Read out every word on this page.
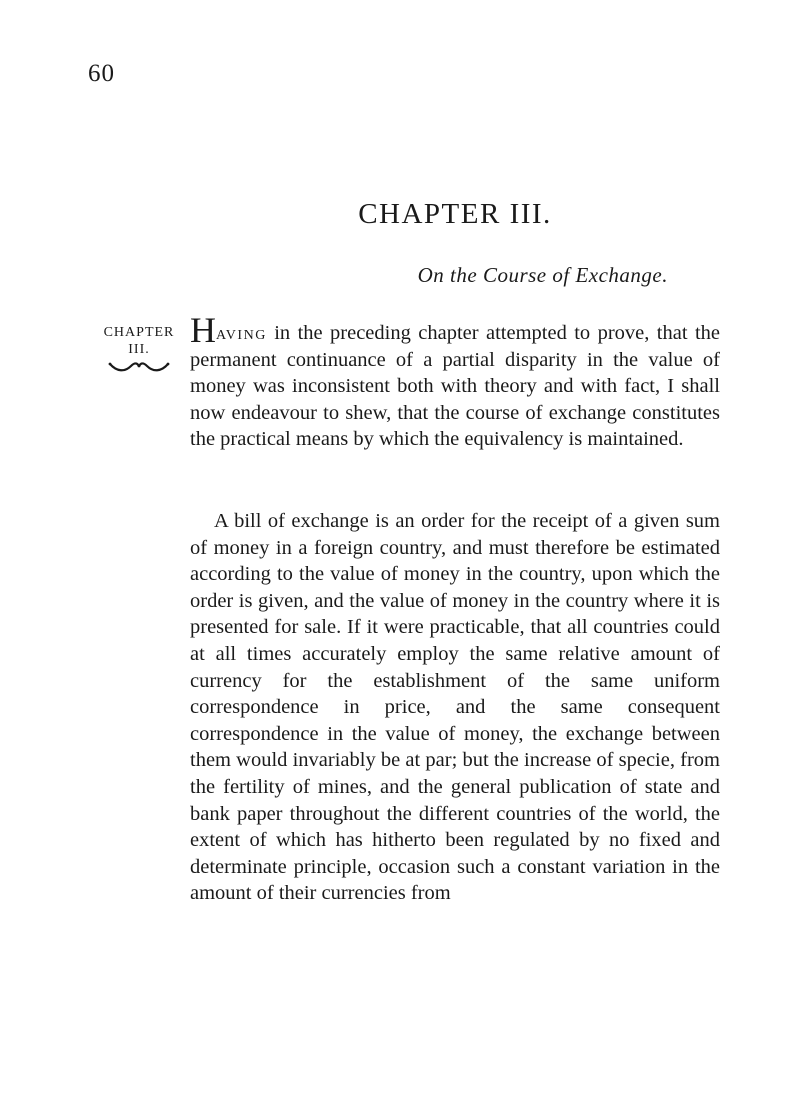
60
CHAPTER III.
On the Course of Exchange.
CHAPTER
III.	Having in the preceding chapter attempted to prove, that the permanent continuance of a partial disparity in the value of money was inconsistent both with theory and with fact, I shall now endeavour to shew, that the course of exchange constitutes the practical means by which the equivalency is maintained.

A bill of exchange is an order for the receipt of a given sum of money in a foreign country, and must therefore be estimated according to the value of money in the country, upon which the order is given, and the value of money in the country where it is presented for sale. If it were practicable, that all countries could at all times accurately employ the same relative amount of currency for the establishment of the same uniform correspondence in price, and the same consequent correspondence in the value of money, the exchange between them would invariably be at par; but the increase of specie, from the fertility of mines, and the general publication of state and bank paper throughout the different countries of the world, the extent of which has hitherto been regulated by no fixed and determinate principle, occasion such a constant variation in the amount of their currencies from
